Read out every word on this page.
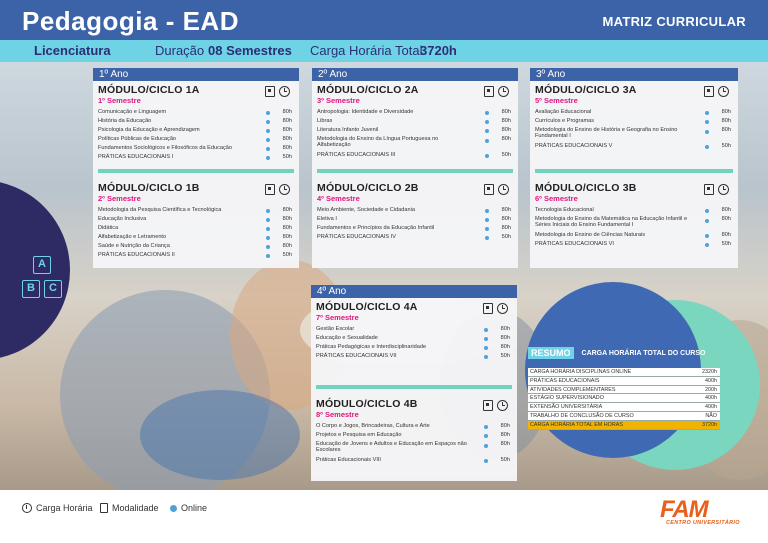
A
B	C
Pedagogia - EAD	MATRIZ CURRICULAR
Licenciatura	Duração 08 Semestres Carga Horária Total
3720h
1º Ano
MÓDULO/CICLO 1A
1º Semestre
Comunicação e Linguagem	80h
História da Educação	80h
Psicologia da Educação e Aprendizagem	80h
Políticas Públicas de Educação	80h
Fundamentos Sociológicos e Filosóficos da Educação	80h
PRÁTICAS EDUCACIONAIS I	50h
MÓDULO/CICLO 1B
2º Semestre
Metodologia da Pesquisa Científica e Tecnológica	80h
Educação Inclusiva	80h
Didática	80h
Alfabetização e Letramento	80h
Saúde e Nutrição da Criança	80h
PRÁTICAS EDUCACIONAIS II	50h
2º Ano
MÓDULO/CICLO 2A
3º Semestre
Antropologia: Identidade e Diversidade	80h
Libras	80h
Literatura Infanto Juvenil	80h
Metodologia do Ensino da Língua Portuguesa no Alfabetização
80h
PRÁTICAS EDUCACIONAIS III	50h
MÓDULO/CICLO 2B
4º Semestre
Meio Ambiente, Sociedade e Cidadania	80h
Eletiva I	80h
Fundamentos e Princípios da Educação Infantil	80h
PRÁTICAS EDUCACIONAIS IV	50h
3º Ano
MÓDULO/CICLO 3A
5º Semestre
Avaliação Educacional	80h
Currículos e Programas	80h
Metodologia do Ensino de História e Geografia no Ensino Fundamental I
80h
PRÁTICAS EDUCACIONAIS V	50h
MÓDULO/CICLO 3B
6º Semestre
Tecnologia Educacional	80h
Metodologia do Ensino da Matemática na Educação Infantil e Séries Iniciais do Ensino Fundamental I
80h
Metodologia do Ensino de Ciências Naturais	80h
PRÁTICAS EDUCACIONAIS VI	50h
4º Ano
MÓDULO/CICLO 4A
7º Semestre
Gestão Escolar	80h
Educação e Sexualidade	80h
Práticas Pedagógicas e Interdisciplinaridade	80h
PRÁTICAS EDUCACIONAIS VII	50h
MÓDULO/CICLO 4B
8º Semestre
O Corpo e Jogos, Brincadeiras, Cultura e Arte	80h
Projetos e Pesquisa em Educação	80h
Educação de Jovens e Adultos e Educação em Espaços não Escolares
80h
Práticas Educacionais VIII	50h
RESUMO	CARGA HORÁRIA TOTAL DO CURSO
CARGA HORÁRIA DISCIPLINAS ONLINE	2320h
PRÁTICAS EDUCACIONAIS	400h
ATIVIDADES COMPLEMENTARES	200h
ESTÁGIO SUPERVISIONADO	400h
EXTENSÃO UNIVERSITÁRIA	400h
TRABALHO DE CONCLUSÃO DE CURSO	NÃO
CARGA HORÁRIA TOTAL EM HORAS	3720h
Carga Horária Modalidade Online	FAM
CENTRO UNIVERSITÁRIO
